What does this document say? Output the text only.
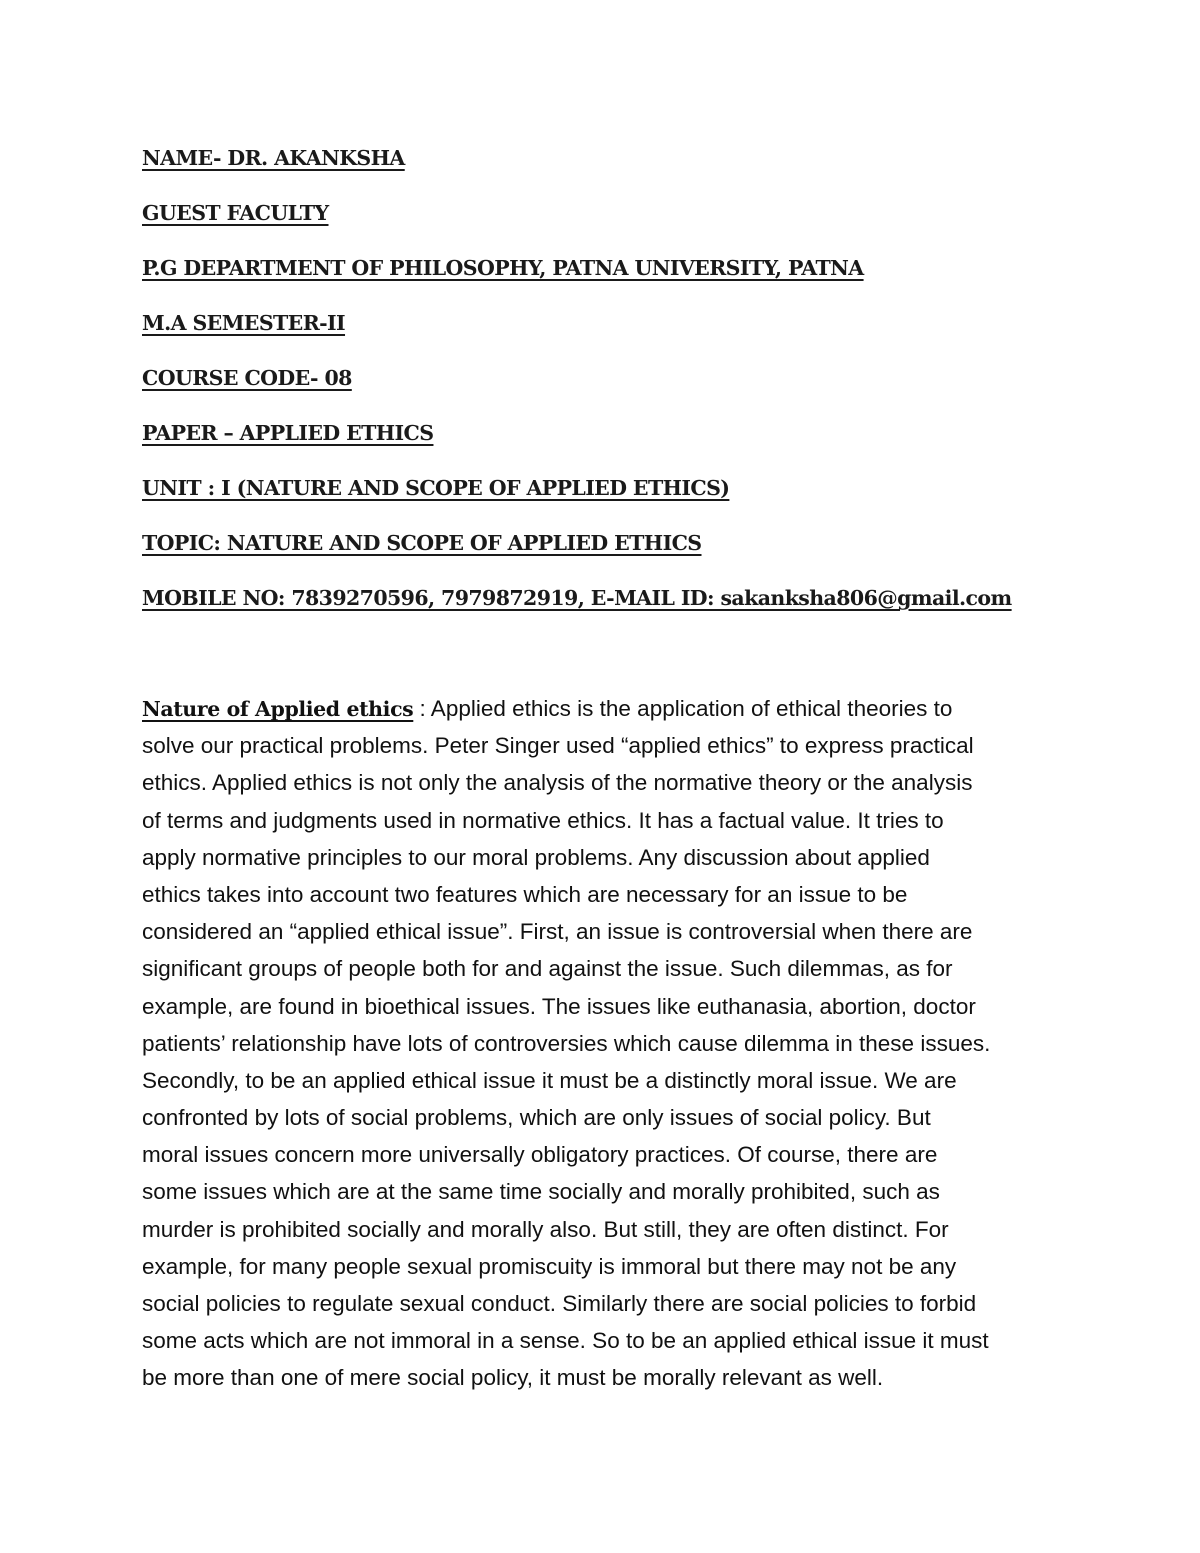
NAME- DR. AKANKSHA
GUEST FACULTY
P.G DEPARTMENT OF PHILOSOPHY, PATNA UNIVERSITY, PATNA
M.A SEMESTER-II
COURSE CODE- 08
PAPER – APPLIED ETHICS
UNIT : I (NATURE AND SCOPE OF APPLIED ETHICS)
TOPIC: NATURE AND SCOPE OF APPLIED ETHICS
MOBILE NO: 7839270596, 7979872919, E-MAIL ID: sakanksha806@gmail.com
Nature of Applied ethics : Applied ethics is the application of ethical theories to
solve our practical problems. Peter Singer used “applied ethics” to express practical
ethics. Applied ethics is not only the analysis of the normative theory or the analysis
of terms and judgments used in normative ethics. It has a factual value. It tries to
apply normative principles to our moral problems. Any discussion about applied
ethics takes into account two features which are necessary for an issue to be
considered an “applied ethical issue”. First, an issue is controversial when there are
significant groups of people both for and against the issue. Such dilemmas, as for
example, are found in bioethical issues. The issues like euthanasia, abortion, doctor
patients’ relationship have lots of controversies which cause dilemma in these issues.
Secondly, to be an applied ethical issue it must be a distinctly moral issue. We are
confronted by lots of social problems, which are only issues of social policy. But
moral issues concern more universally obligatory practices. Of course, there are
some issues which are at the same time socially and morally prohibited, such as
murder is prohibited socially and morally also. But still, they are often distinct. For
example, for many people sexual promiscuity is immoral but there may not be any
social policies to regulate sexual conduct. Similarly there are social policies to forbid
some acts which are not immoral in a sense. So to be an applied ethical issue it must
be more than one of mere social policy, it must be morally relevant as well.
